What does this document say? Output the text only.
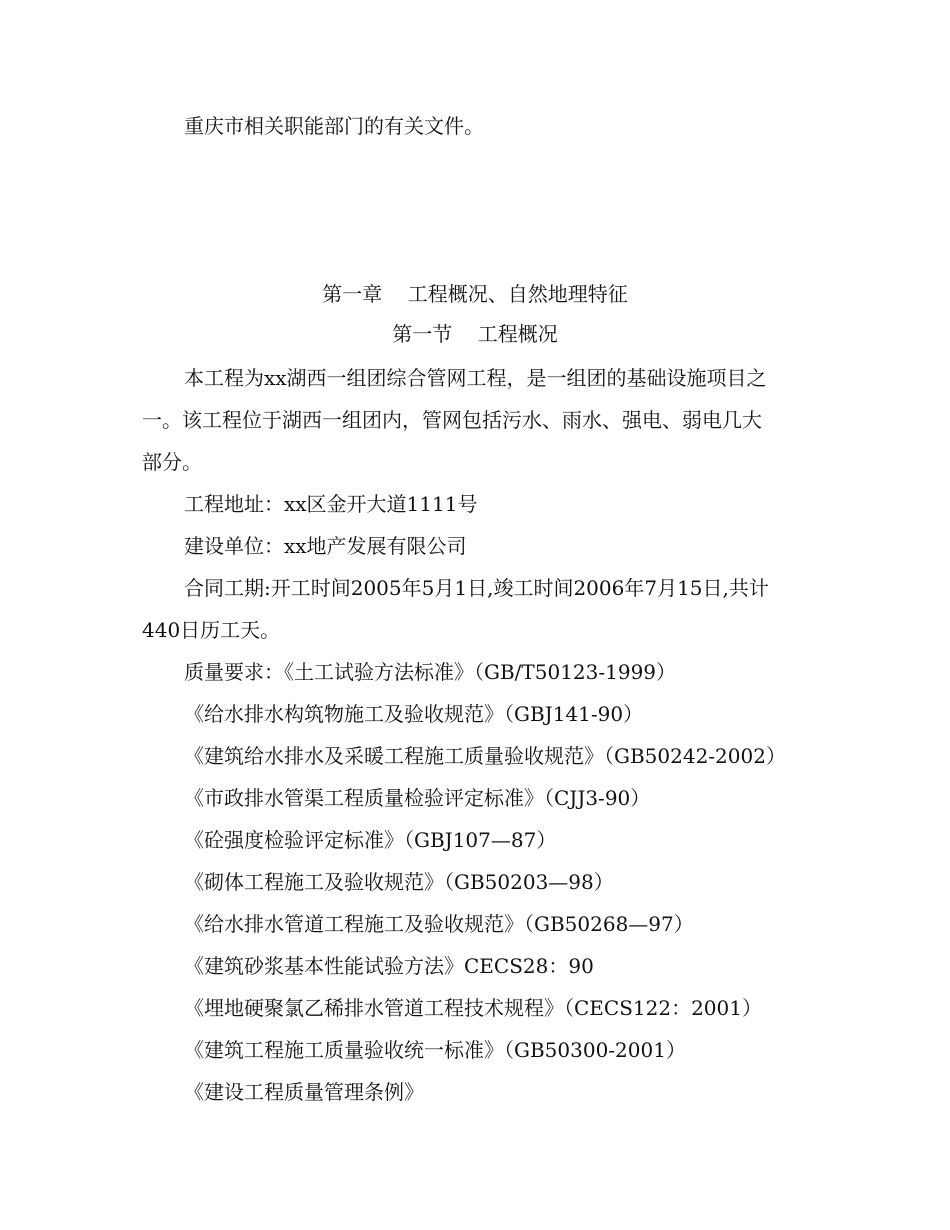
重庆市相关职能部门的有关文件。
第一章    工程概况、自然地理特征
第一节    工程概况
本工程为xx湖西一组团综合管网工程，是一组团的基础设施项目之
一。该工程位于湖西一组团内，管网包括污水、雨水、强电、弱电几大
部分。
工程地址：xx区金开大道1111号
建设单位：xx地产发展有限公司
合同工期:开工时间2005年5月1日,竣工时间2006年7月15日,共计
440日历工天。
质量要求：《土工试验方法标准》（GB/T50123-1999）
《给水排水构筑物施工及验收规范》（GBJ141-90）
《建筑给水排水及采暖工程施工质量验收规范》（GB50242-2002）
《市政排水管渠工程质量检验评定标准》（CJJ3-90）
《砼强度检验评定标准》（GBJ107—87）
《砌体工程施工及验收规范》（GB50203—98）
《给水排水管道工程施工及验收规范》（GB50268—97）
《建筑砂浆基本性能试验方法》CECS28：90
《埋地硬聚氯乙稀排水管道工程技术规程》（CECS122：2001）
《建筑工程施工质量验收统一标准》（GB50300-2001）
《建设工程质量管理条例》
